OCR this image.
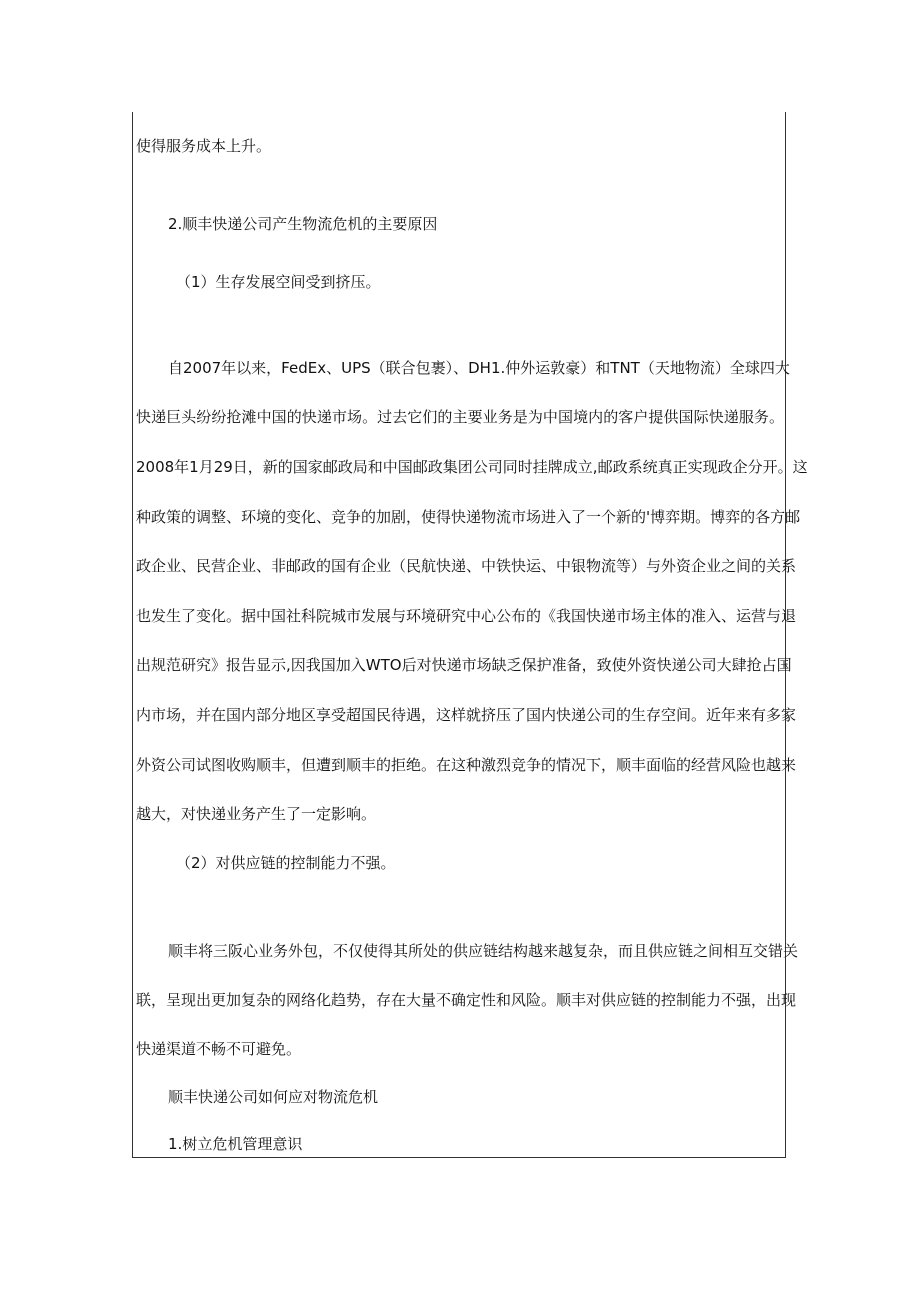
使得服务成本上升。
2.顺丰快递公司产生物流危机的主要原因
（1）生存发展空间受到挤压。
自2007年以来，FedEx、UPS（联合包裹）、DH1.仲外运敦豪）和TNT（天地物流）全球四大
快递巨头纷纷抢滩中国的快递市场。过去它们的主要业务是为中国境内的客户提供国际快递服务。
2008年1月29日，新的国家邮政局和中国邮政集团公司同时挂牌成立,邮政系统真正实现政企分开。这
种政策的调整、环境的变化、竞争的加剧，使得快递物流市场进入了一个新的'博弈期。博弈的各方邮
政企业、民营企业、非邮政的国有企业（民航快递、中铁快运、中银物流等）与外资企业之间的关系
也发生了变化。据中国社科院城市发展与环境研究中心公布的《我国快递市场主体的准入、运营与退
出规范研究》报告显示,因我国加入WTO后对快递市场缺乏保护准备，致使外资快递公司大肆抢占国
内市场，并在国内部分地区享受超国民待遇，这样就挤压了国内快递公司的生存空间。近年来有多家
外资公司试图收购顺丰，但遭到顺丰的拒绝。在这种激烈竞争的情况下，顺丰面临的经营风险也越来
越大，对快递业务产生了一定影响。
（2）对供应链的控制能力不强。
顺丰将三阪心业务外包，不仅使得其所处的供应链结构越来越复杂，而且供应链之间相互交错关
联，呈现出更加复杂的网络化趋势，存在大量不确定性和风险。顺丰对供应链的控制能力不强，出现
快递渠道不畅不可避免。
顺丰快递公司如何应对物流危机
1.树立危机管理意识
